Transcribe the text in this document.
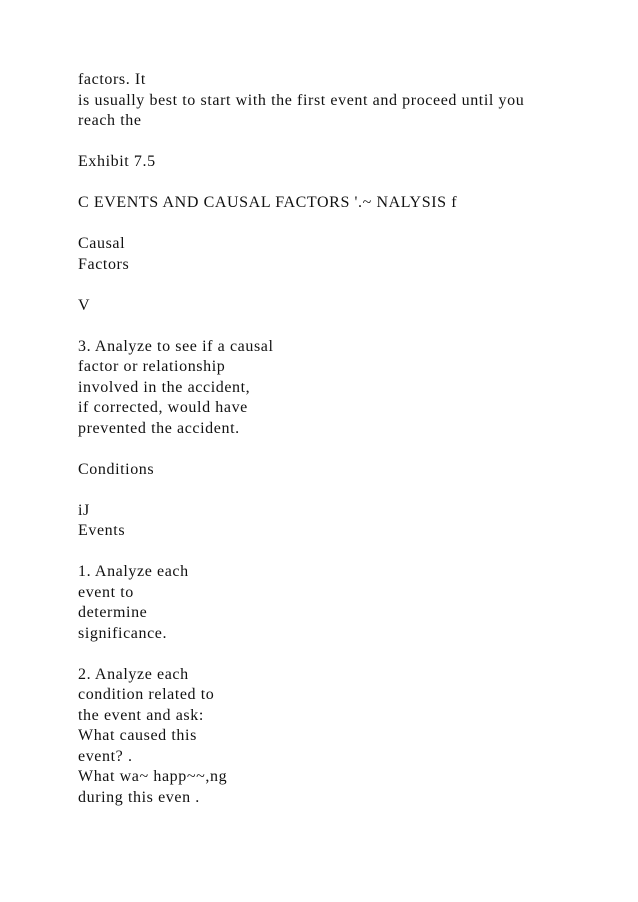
factors. It
is usually best to start with the first event and proceed until you
reach the
Exhibit 7.5
C EVENTS AND CAUSAL FACTORS '.~ NALYSIS f
Causal
Factors
V
3. Analyze to see if a causal
factor or relationship
involved in the accident,
if corrected, would have
prevented the accident.
Conditions
iJ
Events
1. Analyze each
event to
determine
significance.
2. Analyze each
condition related to
the event and ask:
What caused this
event? .
What wa~ happ~~,ng
during this even .
